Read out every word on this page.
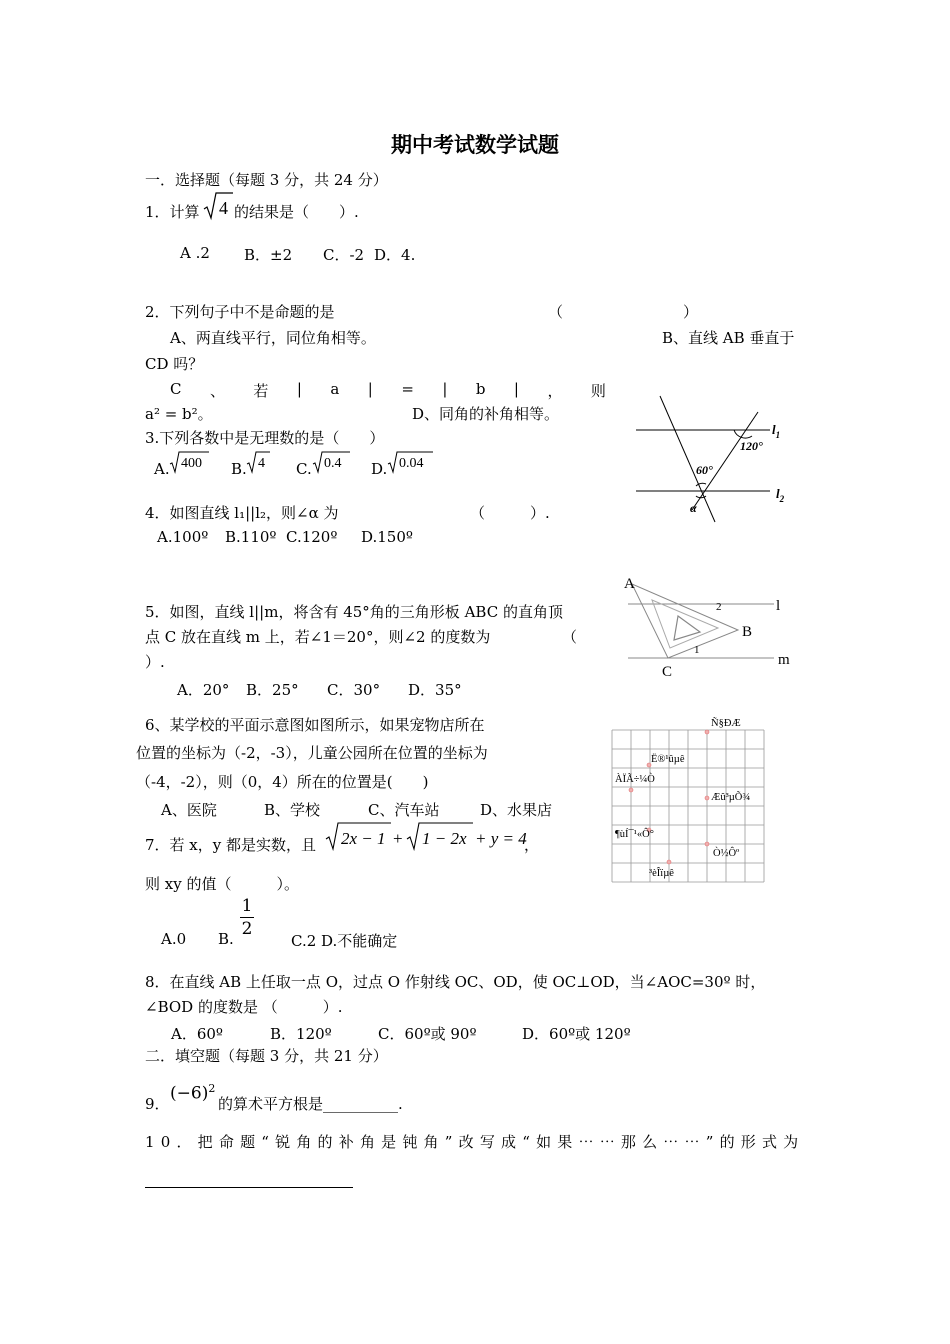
期中考试数学试题
一．选择题（每题 3 分，共 24 分）
1．计算 4 的结果是（　　）.
A .2 B．±2 C．-2 D．4.
2．下列句子中不是命题的是	（　　　　　　　　）
A、两直线平行，同位角相等。	B、直线 AB 垂直于
CD 吗？
C 、 若 | a | = | b | ， 则
a² = b²。	D、同角的补角相等。
3.下列各数中是无理数的是（　　）
A. 400 B. 4 C. 0.4 D. 0.04
$l_1$
$l_2$
120°
60°
α
4．如图直线 l₁||l₂，则∠α 为	（　　　）.
A.100º B.110º C.120º D.150º
A
B
C
l
m
2
1
5．如图，直线 l||m，将含有 45°角的三角形板 ABC 的直角顶
点 C 放在直线 m 上，若∠1＝20°，则∠2 的度数为	（
）.
A．20° B．25° C．30° D．35°
6、某学校的平面示意图如图所示，如果宠物店所在
位置的坐标为（-2，-3），儿童公园所在位置的坐标为
（-4，-2），则（0，4）所在的位置是(　　)
A、医院	B、学校	C、汽车站	D、水果店
Ñ§ÐÆ
Ë®¹ûµê
ÀÏÃ÷¼Ò
Æû³µÕ¾
¶ùÍ¯¹«Ô°
Ò½Ôº
³èÎïµê
7．若 x，y 都是实数，且 2x − 1 + 1 − 2x + y = 4
，
则 xy 的值（　　　）。
A.0 B.
1
2
C.2 D.不能确定
8．在直线 AB 上任取一点 O，过点 O 作射线 OC、OD，使 OC⊥OD，当∠AOC=30º 时，
∠BOD 的度数是 （　　　）.
A．60º	B．120º	C．60º或 90º	D．60º或 120º
二．填空题（每题 3 分，共 21 分）
9．
$(-6)^2$
的算术平方根是__________.
10．把命题“锐角的补角是钝角”改写成“如果⋯⋯那么⋯⋯”的形式为
